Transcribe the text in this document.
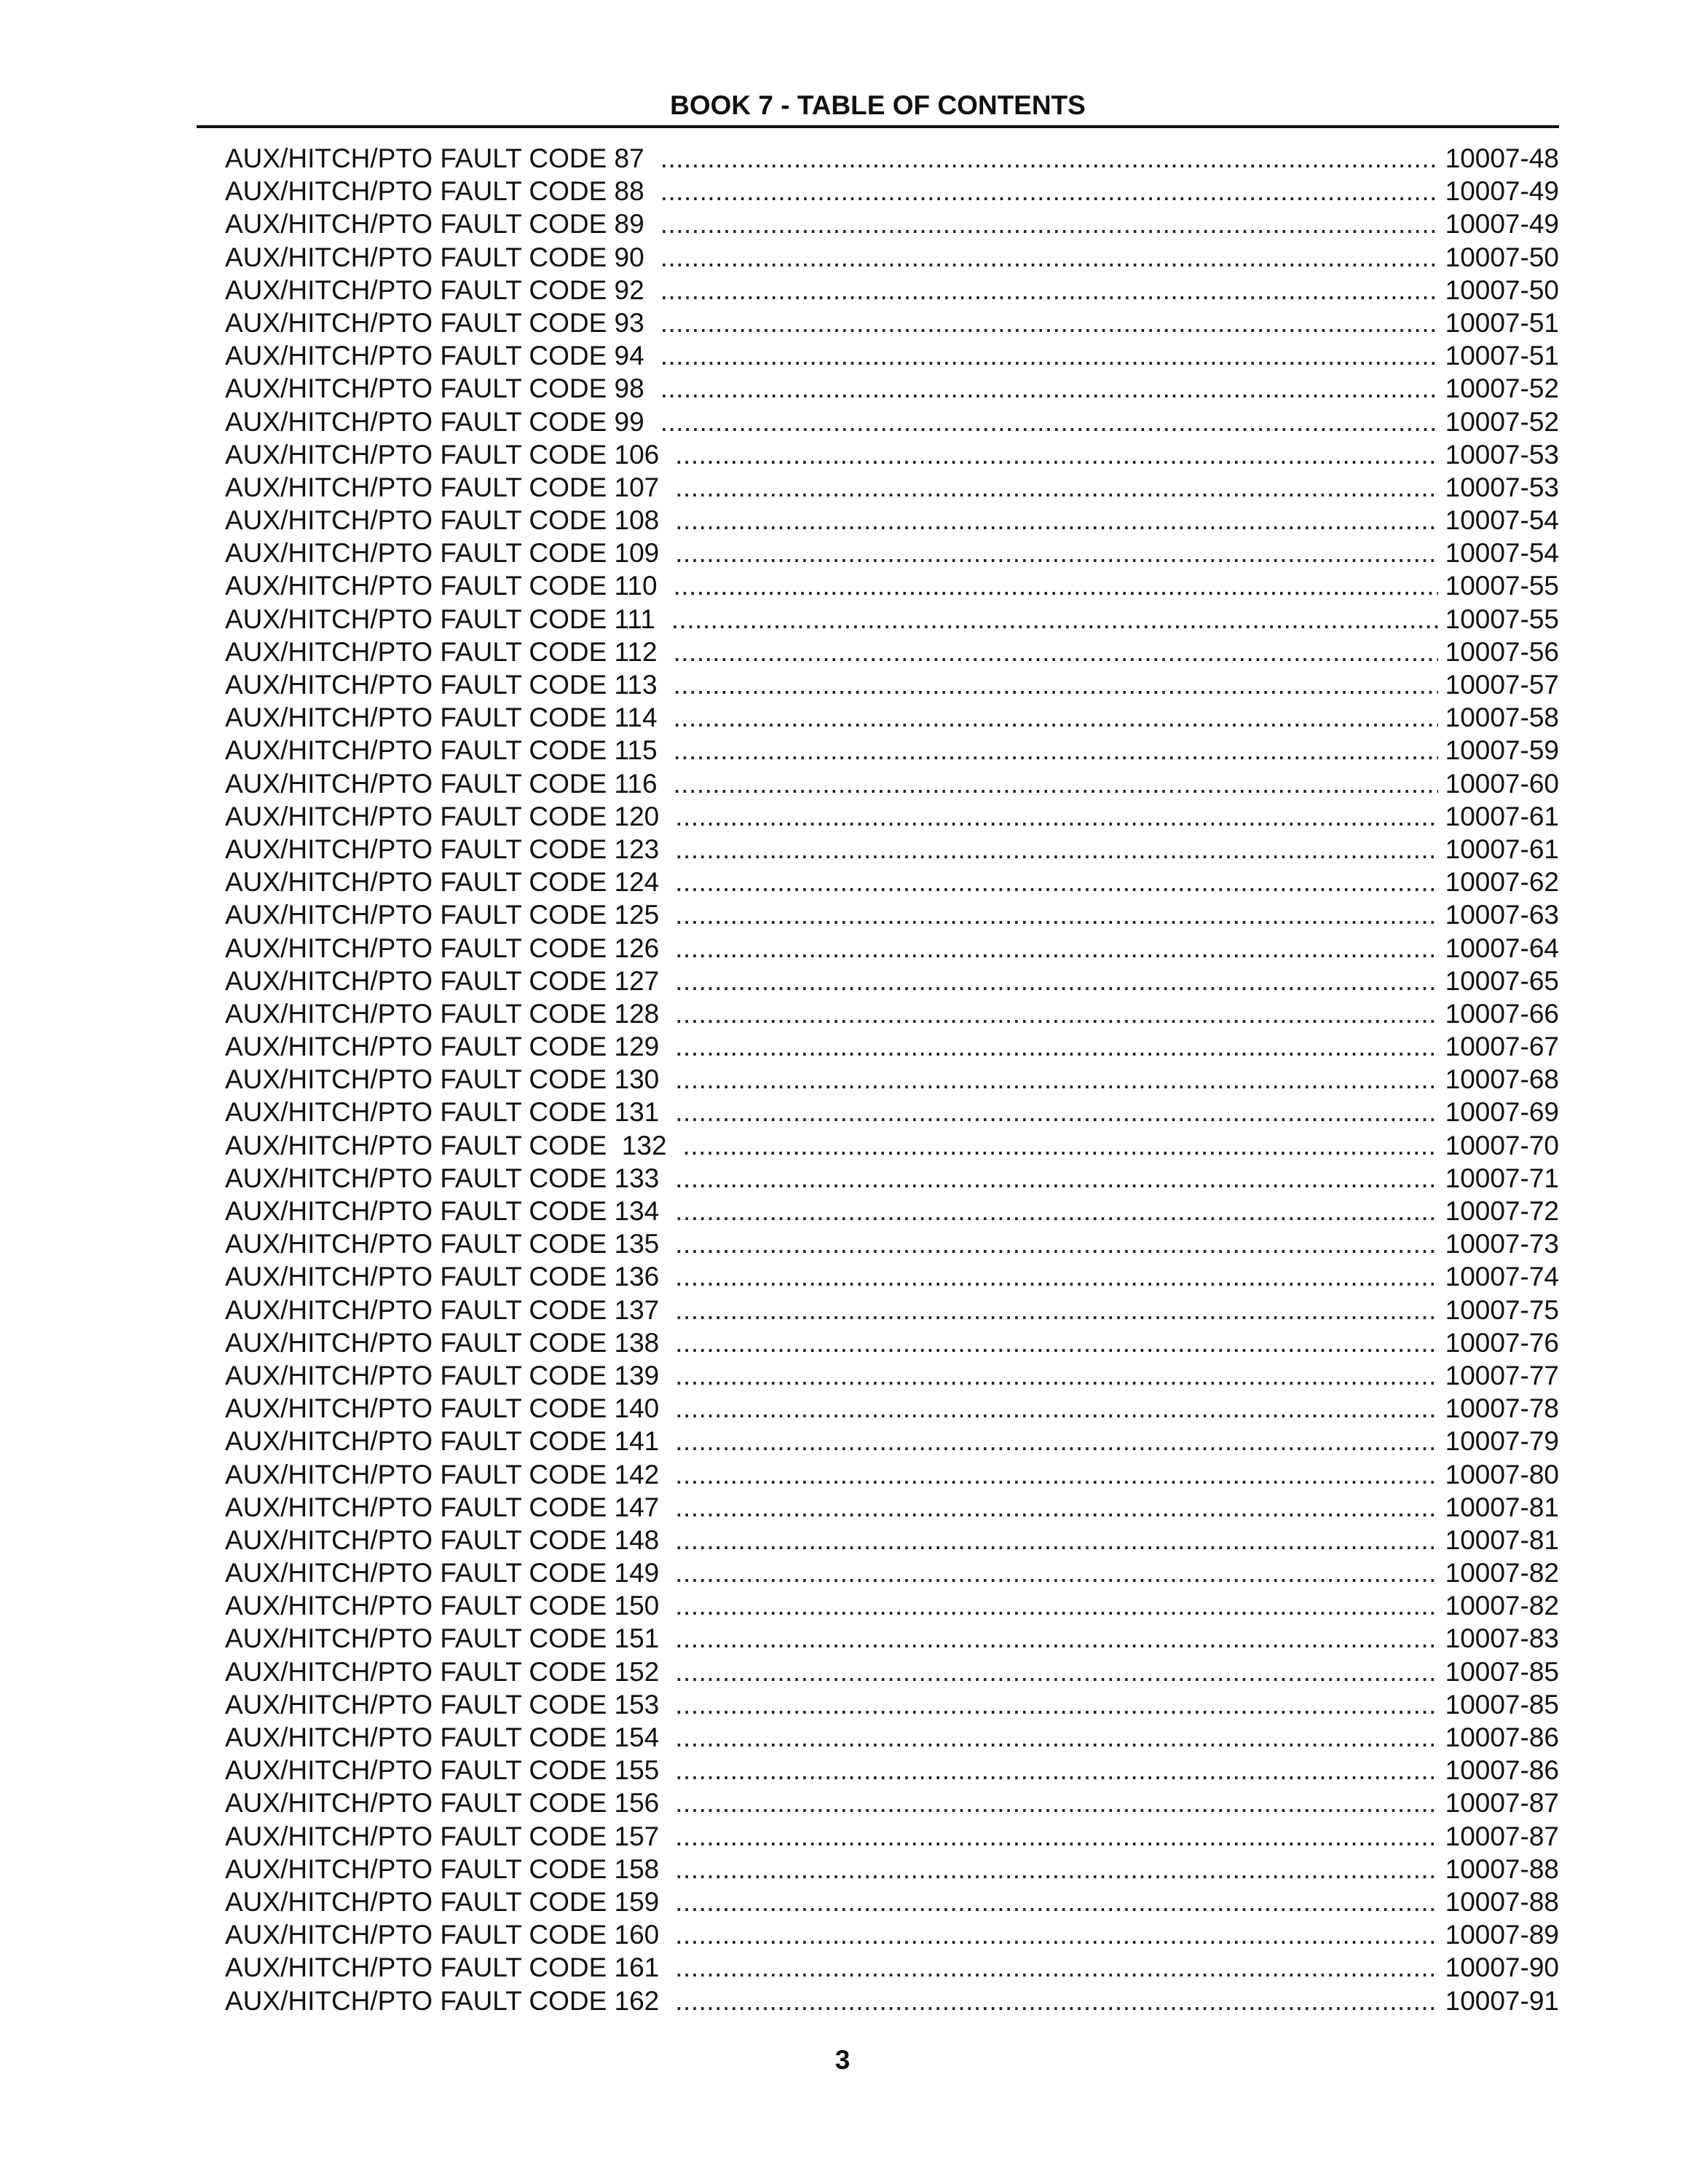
BOOK 7 - TABLE OF CONTENTS
AUX/HITCH/PTO FAULT CODE 87 .....	10007-48
AUX/HITCH/PTO FAULT CODE 88 .....	10007-49
AUX/HITCH/PTO FAULT CODE 89 .....	10007-49
AUX/HITCH/PTO FAULT CODE 90 .....	10007-50
AUX/HITCH/PTO FAULT CODE 92 .....	10007-50
AUX/HITCH/PTO FAULT CODE 93 .....	10007-51
AUX/HITCH/PTO FAULT CODE 94 .....	10007-51
AUX/HITCH/PTO FAULT CODE 98 .....	10007-52
AUX/HITCH/PTO FAULT CODE 99 .....	10007-52
AUX/HITCH/PTO FAULT CODE 106 .....	10007-53
AUX/HITCH/PTO FAULT CODE 107 .....	10007-53
AUX/HITCH/PTO FAULT CODE 108 .....	10007-54
AUX/HITCH/PTO FAULT CODE 109 .....	10007-54
AUX/HITCH/PTO FAULT CODE 110 .....	10007-55
AUX/HITCH/PTO FAULT CODE 111 .....	10007-55
AUX/HITCH/PTO FAULT CODE 112 .....	10007-56
AUX/HITCH/PTO FAULT CODE 113 .....	10007-57
AUX/HITCH/PTO FAULT CODE 114 .....	10007-58
AUX/HITCH/PTO FAULT CODE 115 .....	10007-59
AUX/HITCH/PTO FAULT CODE 116 .....	10007-60
AUX/HITCH/PTO FAULT CODE 120 .....	10007-61
AUX/HITCH/PTO FAULT CODE 123 .....	10007-61
AUX/HITCH/PTO FAULT CODE 124 .....	10007-62
AUX/HITCH/PTO FAULT CODE 125 .....	10007-63
AUX/HITCH/PTO FAULT CODE 126 .....	10007-64
AUX/HITCH/PTO FAULT CODE 127 .....	10007-65
AUX/HITCH/PTO FAULT CODE 128 .....	10007-66
AUX/HITCH/PTO FAULT CODE 129 .....	10007-67
AUX/HITCH/PTO FAULT CODE 130 .....	10007-68
AUX/HITCH/PTO FAULT CODE 131 .....	10007-69
AUX/HITCH/PTO FAULT CODE  132 .....	10007-70
AUX/HITCH/PTO FAULT CODE 133 .....	10007-71
AUX/HITCH/PTO FAULT CODE 134 .....	10007-72
AUX/HITCH/PTO FAULT CODE 135 .....	10007-73
AUX/HITCH/PTO FAULT CODE 136 .....	10007-74
AUX/HITCH/PTO FAULT CODE 137 .....	10007-75
AUX/HITCH/PTO FAULT CODE 138 .....	10007-76
AUX/HITCH/PTO FAULT CODE 139 .....	10007-77
AUX/HITCH/PTO FAULT CODE 140 .....	10007-78
AUX/HITCH/PTO FAULT CODE 141 .....	10007-79
AUX/HITCH/PTO FAULT CODE 142 .....	10007-80
AUX/HITCH/PTO FAULT CODE 147 .....	10007-81
AUX/HITCH/PTO FAULT CODE 148 .....	10007-81
AUX/HITCH/PTO FAULT CODE 149 .....	10007-82
AUX/HITCH/PTO FAULT CODE 150 .....	10007-82
AUX/HITCH/PTO FAULT CODE 151 .....	10007-83
AUX/HITCH/PTO FAULT CODE 152 .....	10007-85
AUX/HITCH/PTO FAULT CODE 153 .....	10007-85
AUX/HITCH/PTO FAULT CODE 154 .....	10007-86
AUX/HITCH/PTO FAULT CODE 155 .....	10007-86
AUX/HITCH/PTO FAULT CODE 156 .....	10007-87
AUX/HITCH/PTO FAULT CODE 157 .....	10007-87
AUX/HITCH/PTO FAULT CODE 158 .....	10007-88
AUX/HITCH/PTO FAULT CODE 159 .....	10007-88
AUX/HITCH/PTO FAULT CODE 160 .....	10007-89
AUX/HITCH/PTO FAULT CODE 161 .....	10007-90
AUX/HITCH/PTO FAULT CODE 162 .....	10007-91
3
